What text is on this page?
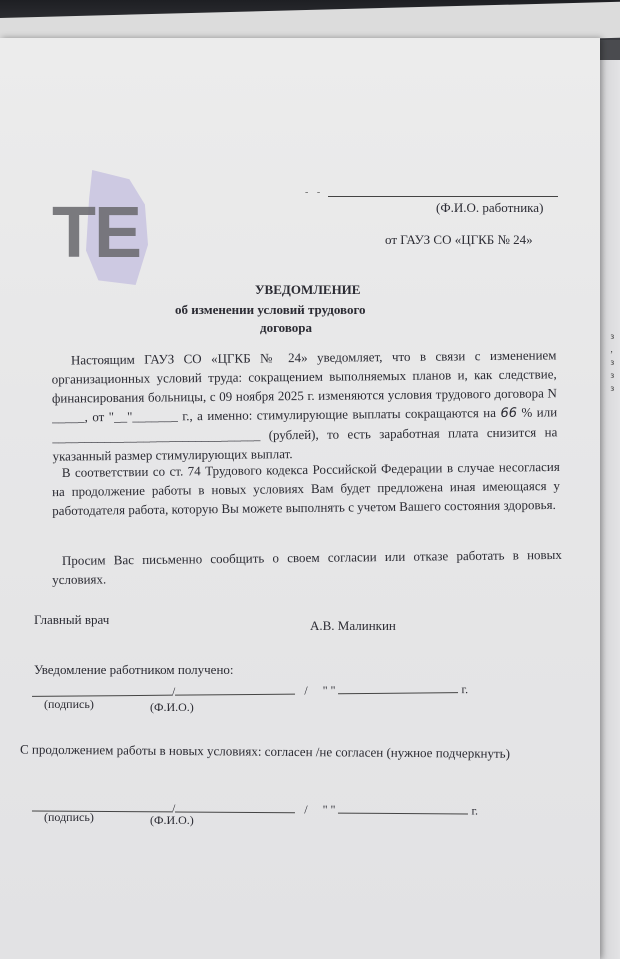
з
,
з
з
з
TE
- -
(Ф.И.О. работника)
от ГАУЗ СО «ЦГКБ № 24»
УВЕДОМЛЕНИЕ
об изменении условий трудового
договора
Настоящим ГАУЗ СО «ЦГКБ № 24» уведомляет, что в связи с изменением организационных условий труда: сокращением выполняемых планов и, как следствие, финансирования больницы, с 09 ноября 2025 г. изменяются условия трудового договора N _____, от "__"_______ г., а именно: стимулирующие выплаты сокращаются на 66 % или ________________________________ (рублей), то есть заработная плата снизится на указанный размер стимулирующих выплат.
В соответствии со ст. 74 Трудового кодекса Российской Федерации в случае несогласия на продолжение работы в новых условиях Вам будет предложена иная имеющаяся у работодателя работа, которую Вы можете выполнять с учетом Вашего состояния здоровья.
Просим Вас письменно сообщить о своем согласии или отказе работать в новых условиях.
Главный врач	А.В. Малинкин
Уведомление работником получено:
/	/     " "	г.
(подпись)	(Ф.И.О.)
С продолжением работы в новых условиях: согласен /не согласен (нужное подчеркнуть)
/	/     " "	г.
(подпись)	(Ф.И.О.)
